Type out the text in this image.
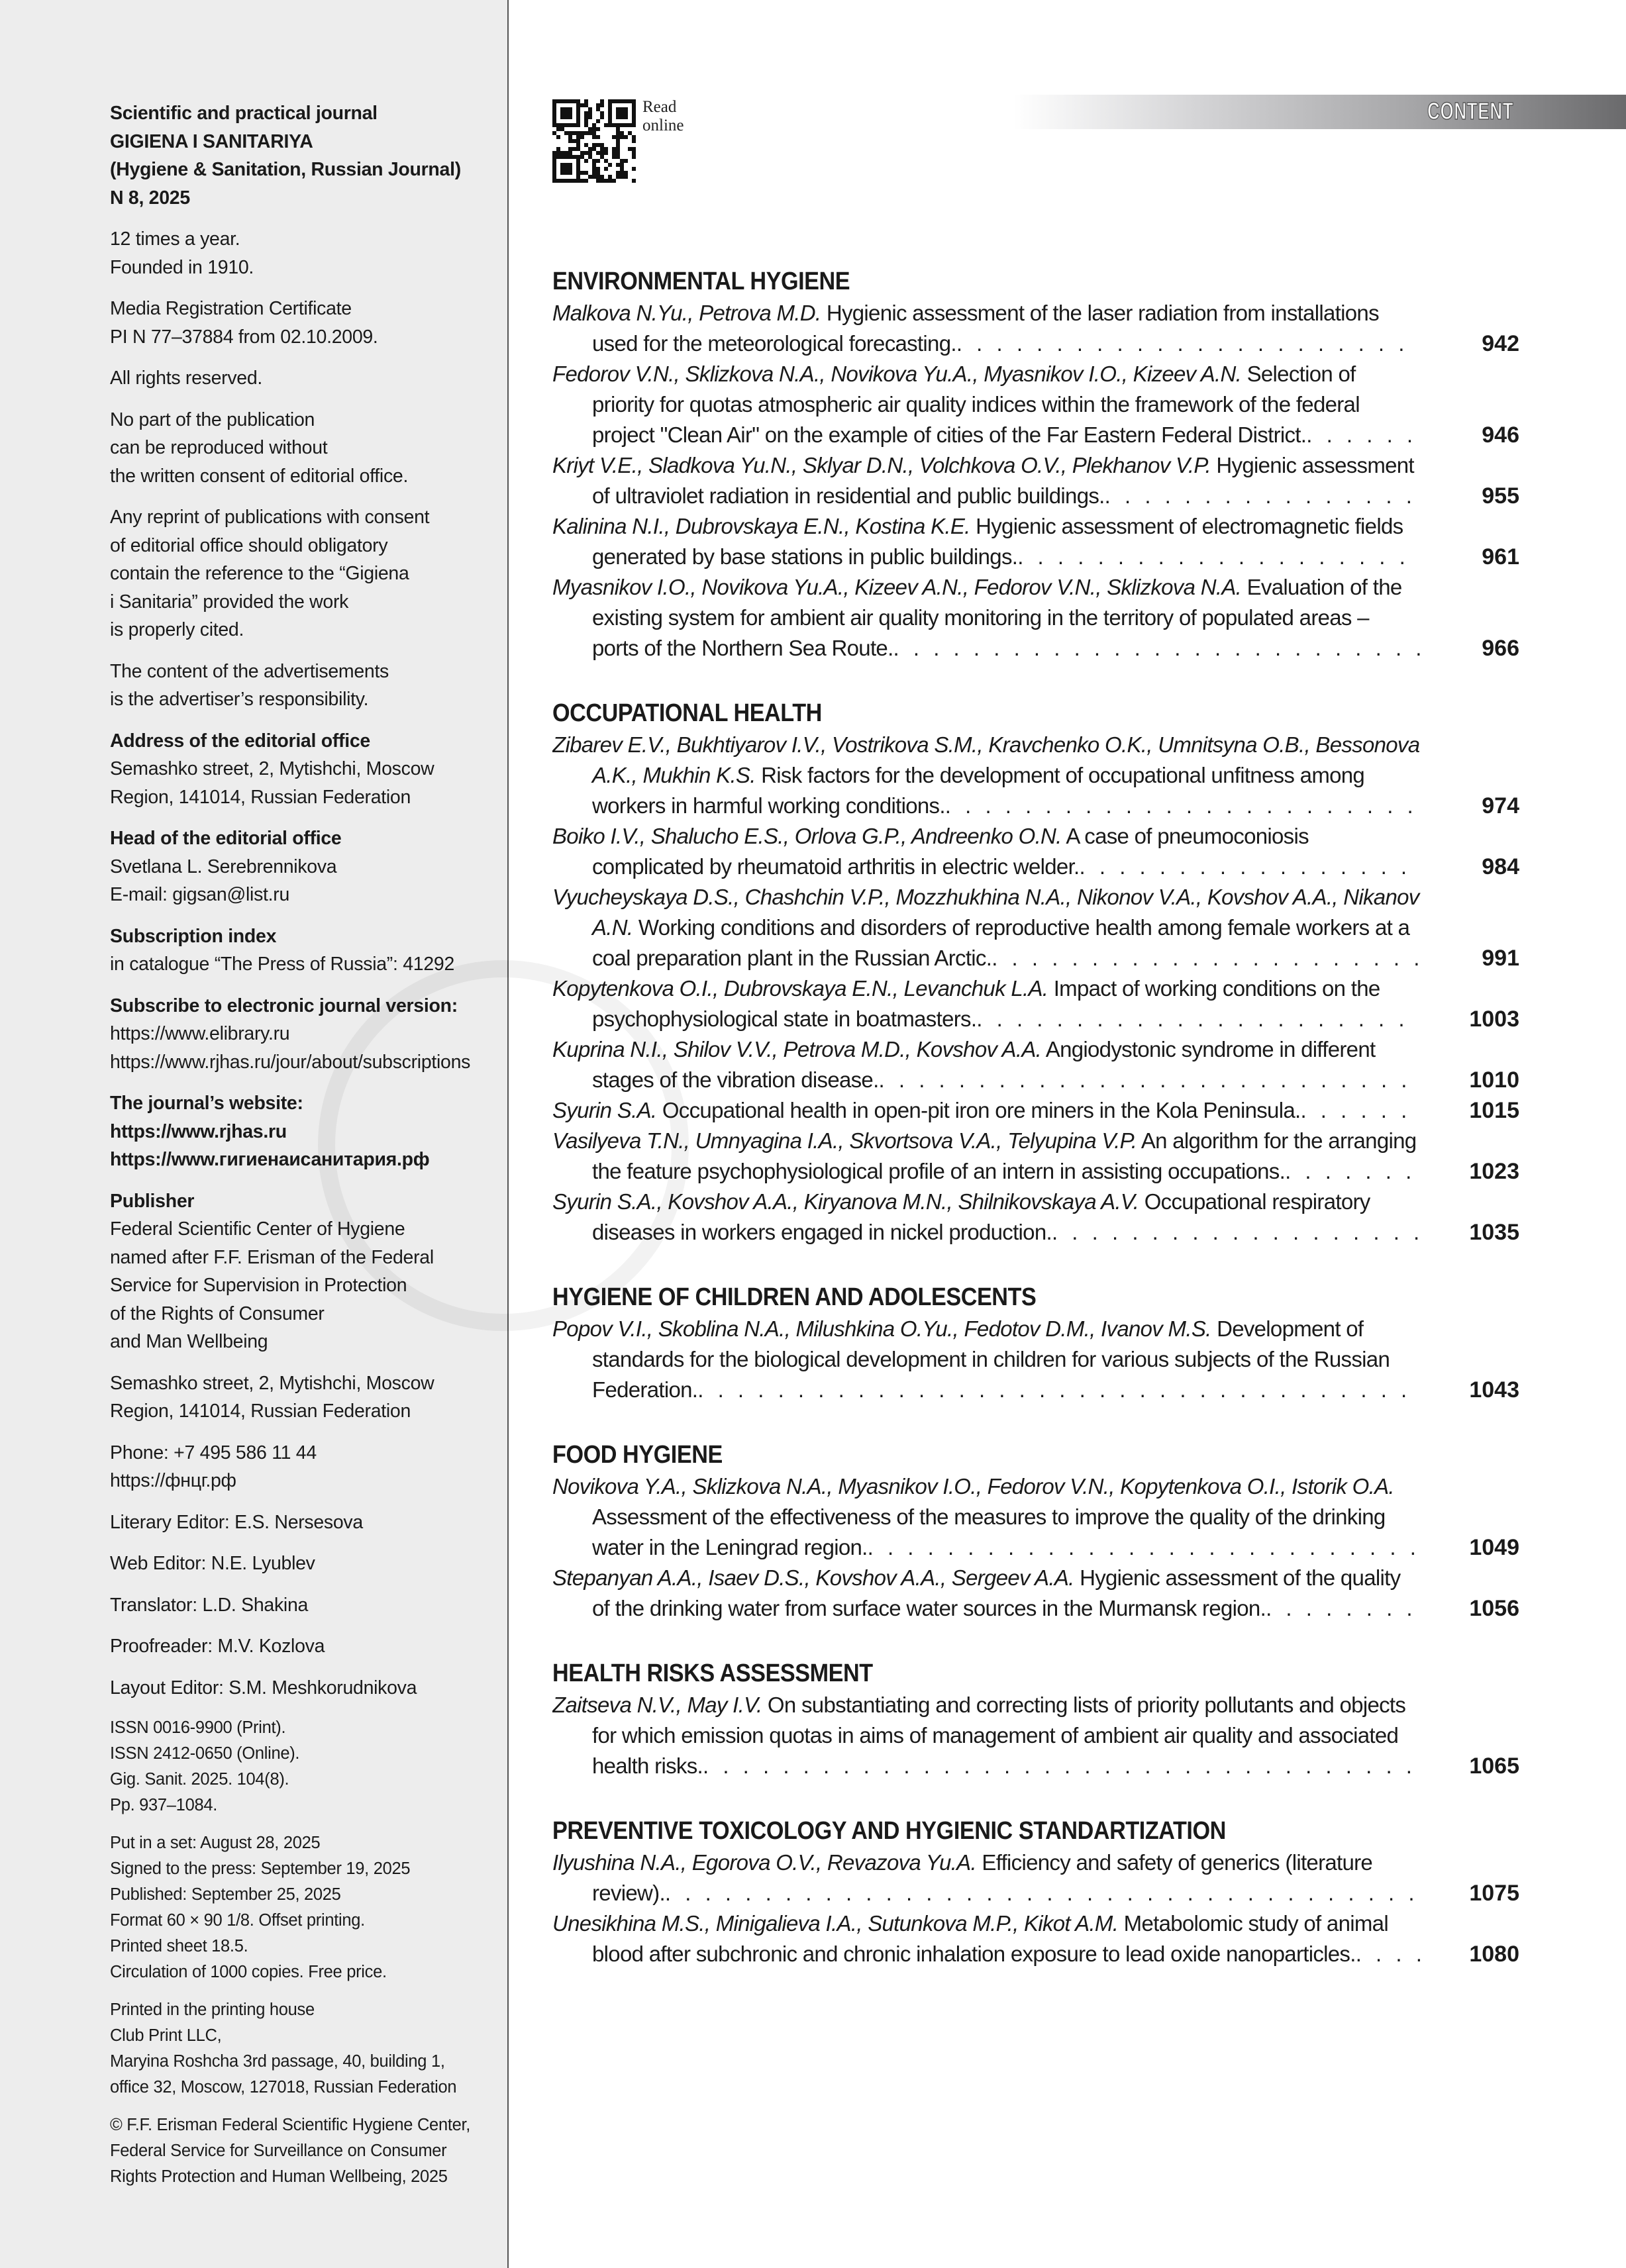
Scientific and practical journal
GIGIENA I SANITARIYA
(Hygiene & Sanitation, Russian Journal)
N 8, 2025
12 times a year.
Founded in 1910.
Media Registration Certificate
PI N 77–37884 from 02.10.2009.
All rights reserved.
No part of the publication
can be reproduced without
the written consent of editorial office.
Any reprint of publications with consent
of editorial office should obligatory
contain the reference to the “Gigiena
i Sanitaria” provided the work
is properly cited.
The content of the advertisements
is the advertiser’s responsibility.
Address of the editorial office
Semashko street, 2, Mytishchi, Moscow
Region, 141014, Russian Federation
Head of the editorial office
Svetlana L. Serebrennikova
E-mail: gigsan@list.ru
Subscription index
in catalogue “The Press of Russia”: 41292
Subscribe to electronic journal version:
https://www.elibrary.ru
https://www.rjhas.ru/jour/about/subscriptions
The journal’s website:
https://www.rjhas.ru
https://www.гигиенаисанитария.рф
Publisher
Federal Scientific Center of Hygiene
named after F.F. Erisman of the Federal
Service for Supervision in Protection
of the Rights of Consumer
and Man Wellbeing
Semashko street, 2, Mytishchi, Moscow
Region, 141014, Russian Federation
Phone: +7 495 586 11 44
https://фнцг.рф
Literary Editor: E.S. Nersesova
Web Editor: N.E. Lyublev
Translator: L.D. Shakina
Proofreader: M.V. Kozlova
Layout Editor: S.M. Meshkorudnikova
ISSN 0016-9900 (Print).
ISSN 2412-0650 (Online).
Gig. Sanit. 2025. 104(8).
Pp. 937–1084.
Put in a set: August 28, 2025
Signed to the press: September 19, 2025
Published: September 25, 2025
Format 60 × 90 1/8. Offset printing.
Printed sheet 18.5.
Circulation of 1000 copies. Free price.
Printed in the printing house
Club Print LLC,
Maryina Roshcha 3rd passage, 40, building 1,
office 32, Moscow, 127018, Russian Federation
© F.F. Erisman Federal Scientific Hygiene Center,
Federal Service for Surveillance on Consumer
Rights Protection and Human Wellbeing, 2025
Read online
CONTENT
ENVIRONMENTAL HYGIENE
Malkova N.Yu., Petrova M.D. Hygienic assessment of the laser radiation from installations used for the meteorological forecasting. . . .	942
Fedorov V.N., Sklizkova N.A., Novikova Yu.A., Myasnikov I.O., Kizeev A.N. Selection of priority for quotas atmospheric air quality indices within the framework of the federal project "Clean Air" on the example of cities of the Far Eastern Federal District. . . .	946
Kriyt V.E., Sladkova Yu.N., Sklyar D.N., Volchkova O.V., Plekhanov V.P. Hygienic assessment of ultraviolet radiation in residential and public buildings. . . .	955
Kalinina N.I., Dubrovskaya E.N., Kostina K.E. Hygienic assessment of electromagnetic fields generated by base stations in public buildings. . . .	961
Myasnikov I.O., Novikova Yu.A., Kizeev A.N., Fedorov V.N., Sklizkova N.A. Evaluation of the existing system for ambient air quality monitoring in the territory of populated areas – ports of the Northern Sea Route. . . .	966
OCCUPATIONAL HEALTH
Zibarev E.V., Bukhtiyarov I.V., Vostrikova S.M., Kravchenko O.K., Umnitsyna O.B., Bessonova A.K., Mukhin K.S. Risk factors for the development of occupational unfitness among workers in harmful working conditions. . . .	974
Boiko I.V., Shalucho E.S., Orlova G.P., Andreenko O.N. A case of pneumoconiosis complicated by rheumatoid arthritis in electric welder. . . .	984
Vyucheyskaya D.S., Chashchin V.P., Mozzhukhina N.A., Nikonov V.A., Kovshov A.A., Nikanov A.N. Working conditions and disorders of reproductive health among female workers at a coal preparation plant in the Russian Arctic. . . .	991
Kopytenkova O.I., Dubrovskaya E.N., Levanchuk L.A. Impact of working conditions on the psychophysiological state in boatmasters. . . .	1003
Kuprina N.I., Shilov V.V., Petrova M.D., Kovshov A.A. Angiodystonic syndrome in different stages of the vibration disease. . . .	1010
Syurin S.A. Occupational health in open-pit iron ore miners in the Kola Peninsula. . . .	1015
Vasilyeva T.N., Umnyagina I.A., Skvortsova V.A., Telyupina V.P. An algorithm for the arranging the feature psychophysiological profile of an intern in assisting occupations. . . .	1023
Syurin S.A., Kovshov A.A., Kiryanova M.N., Shilnikovskaya A.V. Occupational respiratory diseases in workers engaged in nickel production. . . .	1035
HYGIENE OF CHILDREN AND ADOLESCENTS
Popov V.I., Skoblina N.A., Milushkina O.Yu., Fedotov D.M., Ivanov M.S. Development of standards for the biological development in children for various subjects of the Russian Federation. . . .	1043
FOOD HYGIENE
Novikova Y.A., Sklizkova N.A., Myasnikov I.O., Fedorov V.N., Kopytenkova O.I., Istorik O.A. Assessment of the effectiveness of the measures to improve the quality of the drinking water in the Leningrad region. . . .	1049
Stepanyan A.A., Isaev D.S., Kovshov A.A., Sergeev A.A. Hygienic assessment of the quality of the drinking water from surface water sources in the Murmansk region. . . .	1056
HEALTH RISKS ASSESSMENT
Zaitseva N.V., May I.V. On substantiating and correcting lists of priority pollutants and objects for which emission quotas in aims of management of ambient air quality and associated health risks. . . .	1065
PREVENTIVE TOXICOLOGY AND HYGIENIC STANDARTIZATION
Ilyushina N.A., Egorova O.V., Revazova Yu.A. Efficiency and safety of generics (literature review). . . .	1075
Unesikhina M.S., Minigalieva I.A., Sutunkova M.P., Kikot A.M. Metabolomic study of animal blood after subchronic and chronic inhalation exposure to lead oxide nanoparticles. . . .	1080
